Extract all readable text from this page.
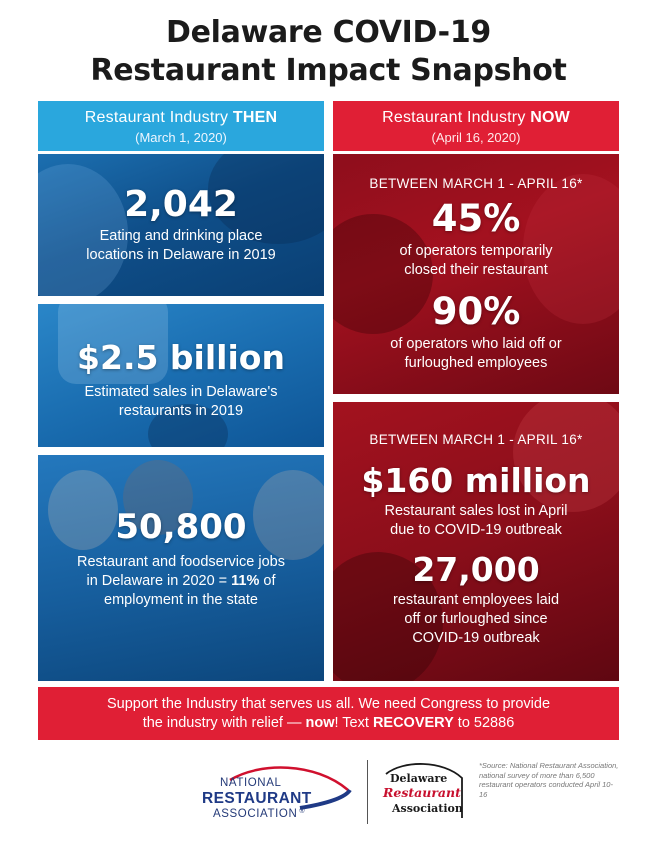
Delaware COVID-19
Restaurant Impact Snapshot
Restaurant Industry THEN
(March 1, 2020)
Restaurant Industry NOW
(April 16, 2020)
2,042
Eating and drinking place
locations in Delaware in 2019
$2.5 billion
Estimated sales in Delaware's
restaurants in 2019
50,800
Restaurant and foodservice jobs
in Delaware in 2020 = 11% of
employment in the state
BETWEEN MARCH 1 - APRIL 16*
45%
of operators temporarily
closed their restaurant
90%
of operators who laid off or
furloughed employees
BETWEEN MARCH 1 - APRIL 16*
$160 million
Restaurant sales lost in April
due to COVID-19 outbreak
27,000
restaurant employees laid
off or furloughed since
COVID-19 outbreak
Support the Industry that serves us all. We need Congress to provide
the industry with relief — now! Text RECOVERY to 52886
NATIONAL
RESTAURANT
ASSOCIATION ®
Delaware
Restaurant
Association
*Source: National Restaurant Association, national survey of more than 6,500 restaurant operators conducted April 10-16
